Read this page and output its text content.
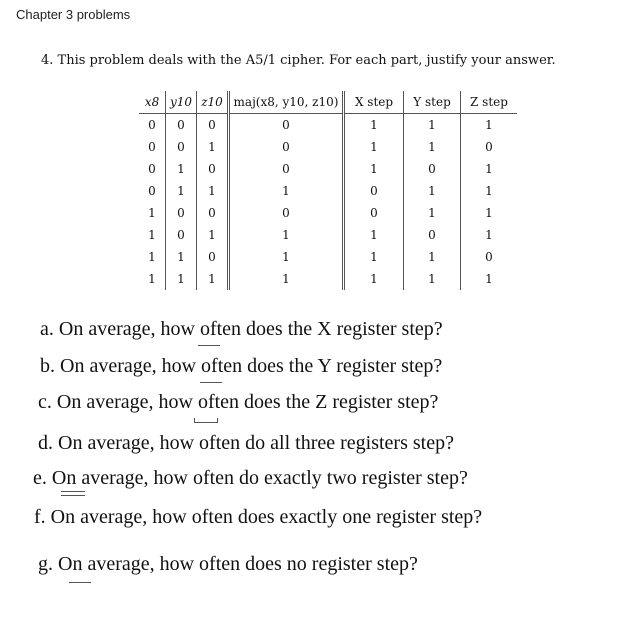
Chapter 3 problems
4. This problem deals with the A5/1 cipher. For each part, justify your answer.
x8	y10	z10	maj(x8, y10, z10)	X step	Y step	Z step
0	0	0	0	1	1	1
0	0	1	0	1	1	0
0	1	0	0	1	0	1
0	1	1	1	0	1	1
1	0	0	0	0	1	1
1	0	1	1	1	0	1
1	1	0	1	1	1	0
1	1	1	1	1	1	1
a. On average, how often does the X register step?
b. On average, how often does the Y register step?
c. On average, how often does the Z register step?
d. On average, how often do all three registers step?
e. On average, how often do exactly two register step?
f. On average, how often does exactly one register step?
g. On average, how often does no register step?
